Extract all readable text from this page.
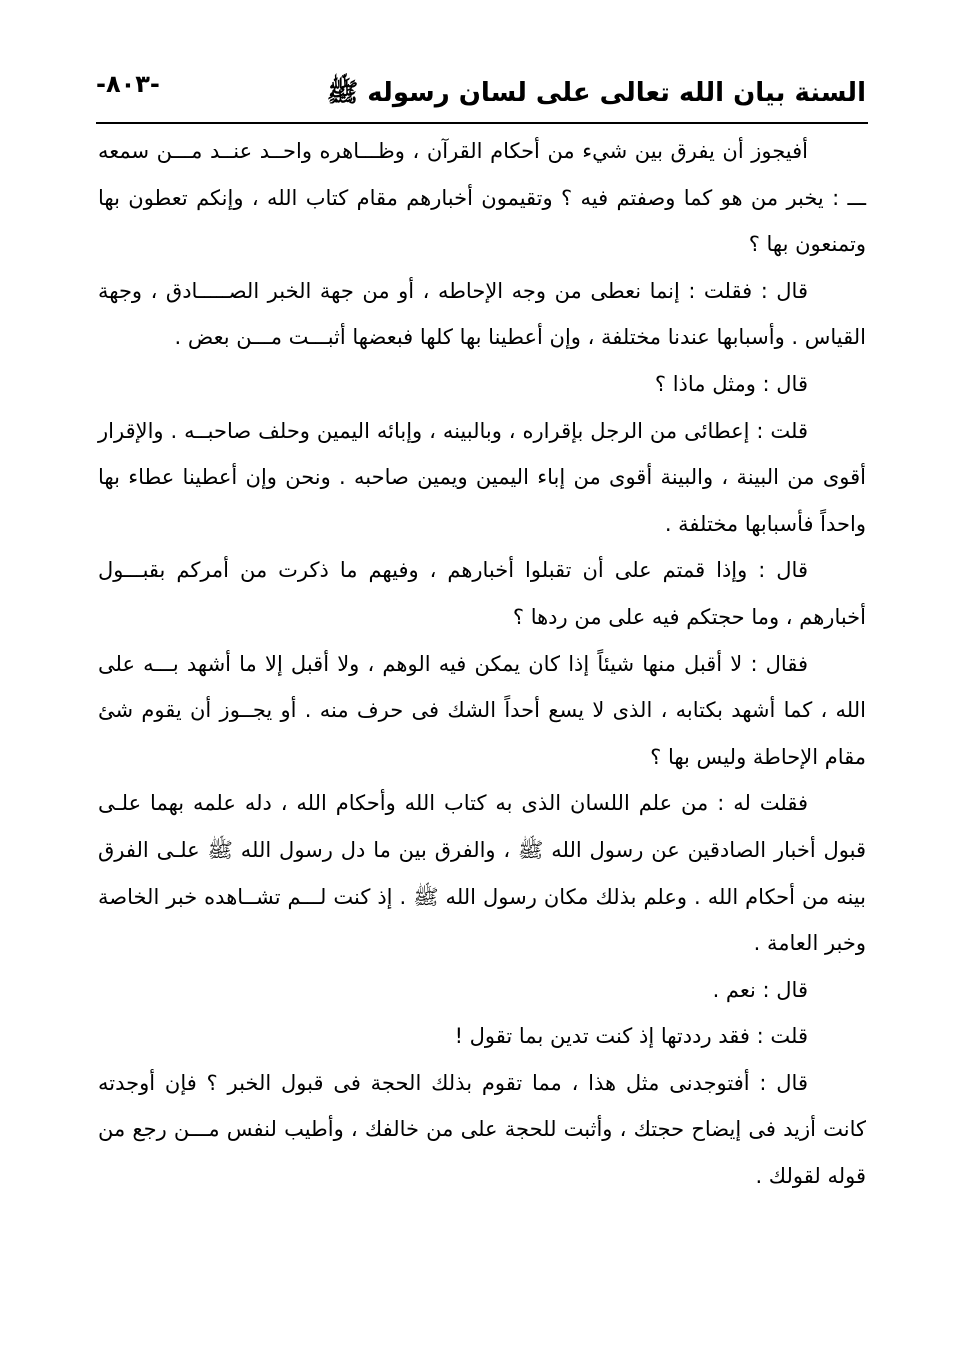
السنة بيان الله تعالى على لسان رسوله ﷺ
-٨٠٣-

أفيجوز أن يفرق بين شيء من أحكام القرآن ، وظـــاهره واحــد عنــد مـــن سمعه ـــ : يخبر من هو كما وصفتم فيه ؟ وتقيمون أخبارهم مقام كتاب الله ، وإنكم تعطون بها وتمنعون بها ؟

قال : فقلت : إنما نعطى من وجه الإحاطه ، أو من جهة الخبر الصـــــادق ، وجهة القياس . وأسبابها عندنا مختلفة ، وإن أعطينا بها كلها فبعضها أثبـــت مـــن بعض .

قال : ومثل ماذا ؟

قلت : إعطائى من الرجل بإقراره ، وبالبينه ، وإبائه اليمين وحلف صاحبــه . والإقرار أقوى من البينة ، والبينة أقوى من إباء اليمين ويمين صاحبه . ونحن وإن أعطينا عطاء بها واحداً فأسبابها مختلفة .

قال : وإذا قمتم على أن تقبلوا أخبارهم ، وفيهم ما ذكرت من أمركم بقبـــول أخبارهم ، وما حجتكم فيه على من ردها ؟

فقال : لا أقبل منها شيئاً إذا كان يمكن فيه الوهم ، ولا أقبل إلا ما أشهد بـــه على الله ، كما أشهد بكتابه ، الذى لا يسع أحداً الشك فى حرف منه . أو يجــوز أن يقوم شئ مقام الإحاطة وليس بها ؟

فقلت له : من علم اللسان الذى به كتاب الله وأحكام الله ، دله علمه بهما علـى قبول أخبار الصادقين عن رسول الله ﷺ ، والفرق بين ما دل رسول الله ﷺ علـى الفرق بينه من أحكام الله . وعلم بذلك مكان رسول الله ﷺ . إذ كنت لـــم تشــاهده خبر الخاصة وخبر العامة .

قال : نعم .

قلت : فقد رددتها إذ كنت تدين بما تقول !

قال : أفتوجدنى مثل هذا ، مما تقوم بذلك الحجة فى قبول الخبر ؟ فإن أوجدته كانت أزيد فى إيضاح حجتك ، وأثبت للحجة على من خالفك ، وأطيب لنفس مـــن رجع من قوله لقولك .
